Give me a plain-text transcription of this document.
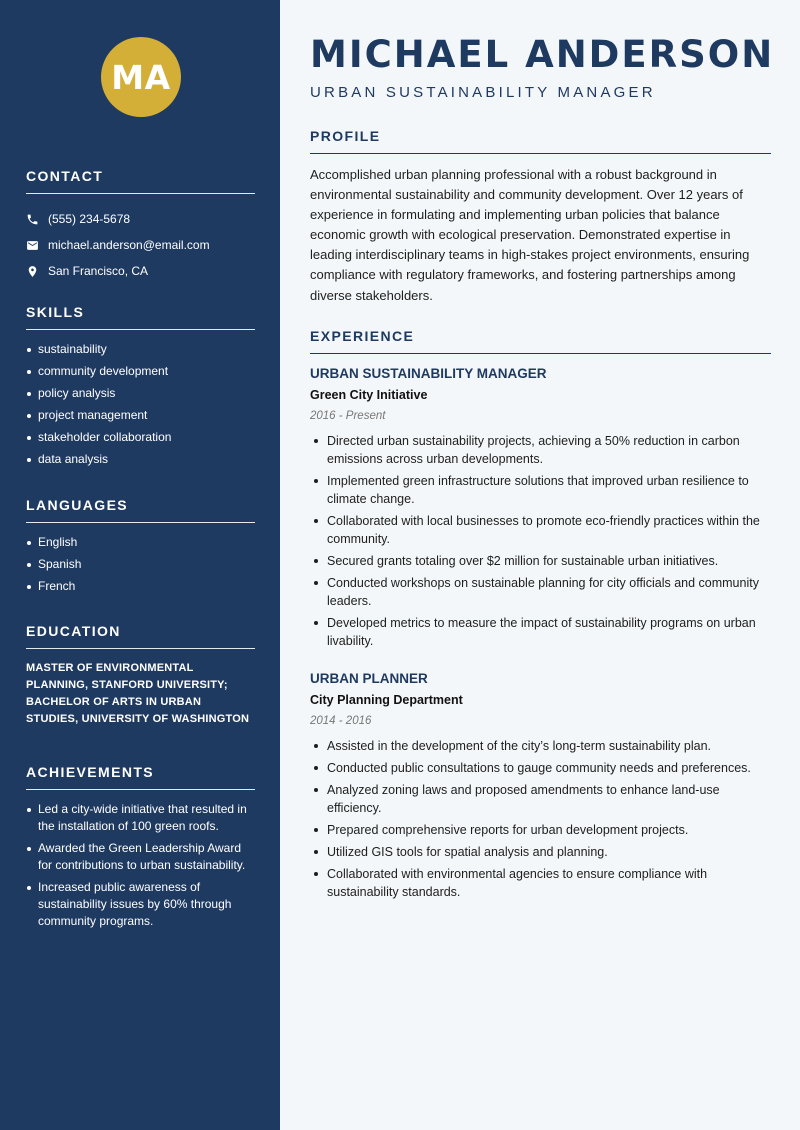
MA
CONTACT
(555) 234-5678
michael.anderson@email.com
San Francisco, CA
SKILLS
sustainability
community development
policy analysis
project management
stakeholder collaboration
data analysis
LANGUAGES
English
Spanish
French
EDUCATION

MASTER OF ENVIRONMENTAL PLANNING, STANFORD UNIVERSITY; BACHELOR OF ARTS IN URBAN STUDIES, UNIVERSITY OF WASHINGTON

ACHIEVEMENTS
Led a city-wide initiative that resulted in the installation of 100 green roofs.
Awarded the Green Leadership Award for contributions to urban sustainability.
Increased public awareness of sustainability issues by 60% through community programs.
MICHAEL ANDERSON
URBAN SUSTAINABILITY MANAGER
PROFILE

Accomplished urban planning professional with a robust background in environmental sustainability and community development. Over 12 years of experience in formulating and implementing urban policies that balance economic growth with ecological preservation. Demonstrated expertise in leading interdisciplinary teams in high-stakes project environments, ensuring compliance with regulatory frameworks, and fostering partnerships among diverse stakeholders.

EXPERIENCE
URBAN SUSTAINABILITY MANAGER
Green City Initiative
2016 - Present
Directed urban sustainability projects, achieving a 50% reduction in carbon emissions across urban developments.
Implemented green infrastructure solutions that improved urban resilience to climate change.
Collaborated with local businesses to promote eco-friendly practices within the community.
Secured grants totaling over $2 million for sustainable urban initiatives.
Conducted workshops on sustainable planning for city officials and community leaders.
Developed metrics to measure the impact of sustainability programs on urban livability.
URBAN PLANNER
City Planning Department
2014 - 2016
Assisted in the development of the city’s long-term sustainability plan.
Conducted public consultations to gauge community needs and preferences.
Analyzed zoning laws and proposed amendments to enhance land-use efficiency.
Prepared comprehensive reports for urban development projects.
Utilized GIS tools for spatial analysis and planning.
Collaborated with environmental agencies to ensure compliance with sustainability standards.
